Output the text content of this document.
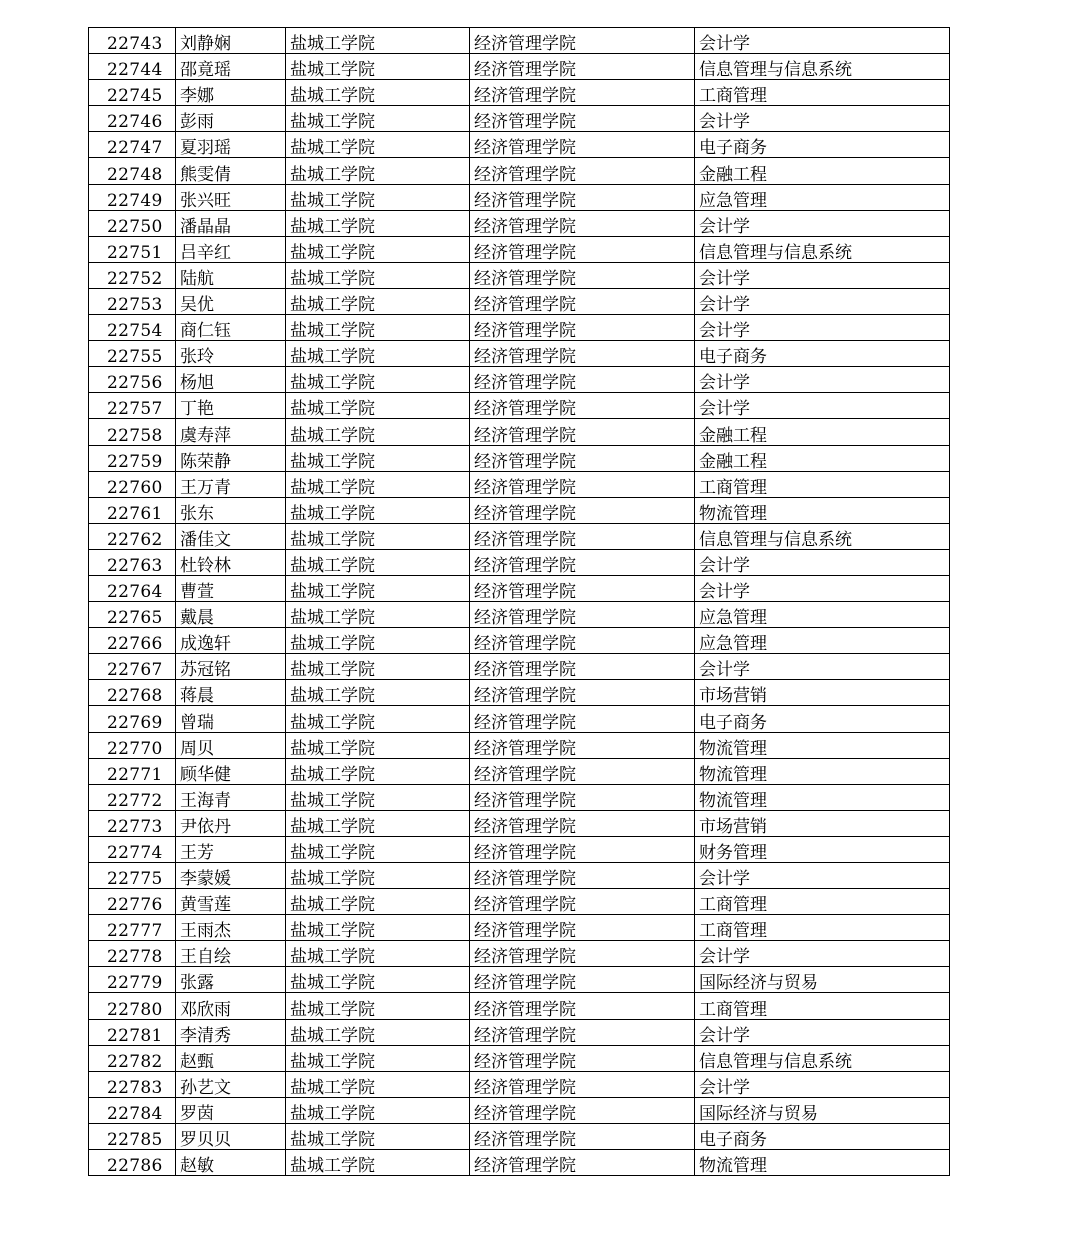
22743	刘静娴	盐城工学院	经济管理学院	会计学
22744	邵竟瑶	盐城工学院	经济管理学院	信息管理与信息系统
22745	李娜	盐城工学院	经济管理学院	工商管理
22746	彭雨	盐城工学院	经济管理学院	会计学
22747	夏羽瑶	盐城工学院	经济管理学院	电子商务
22748	熊雯倩	盐城工学院	经济管理学院	金融工程
22749	张兴旺	盐城工学院	经济管理学院	应急管理
22750	潘晶晶	盐城工学院	经济管理学院	会计学
22751	吕辛红	盐城工学院	经济管理学院	信息管理与信息系统
22752	陆航	盐城工学院	经济管理学院	会计学
22753	吴优	盐城工学院	经济管理学院	会计学
22754	商仁钰	盐城工学院	经济管理学院	会计学
22755	张玲	盐城工学院	经济管理学院	电子商务
22756	杨旭	盐城工学院	经济管理学院	会计学
22757	丁艳	盐城工学院	经济管理学院	会计学
22758	虞寿萍	盐城工学院	经济管理学院	金融工程
22759	陈荣静	盐城工学院	经济管理学院	金融工程
22760	王万青	盐城工学院	经济管理学院	工商管理
22761	张东	盐城工学院	经济管理学院	物流管理
22762	潘佳文	盐城工学院	经济管理学院	信息管理与信息系统
22763	杜铃林	盐城工学院	经济管理学院	会计学
22764	曹萱	盐城工学院	经济管理学院	会计学
22765	戴晨	盐城工学院	经济管理学院	应急管理
22766	成逸轩	盐城工学院	经济管理学院	应急管理
22767	苏冠铭	盐城工学院	经济管理学院	会计学
22768	蒋晨	盐城工学院	经济管理学院	市场营销
22769	曾瑞	盐城工学院	经济管理学院	电子商务
22770	周贝	盐城工学院	经济管理学院	物流管理
22771	顾华健	盐城工学院	经济管理学院	物流管理
22772	王海青	盐城工学院	经济管理学院	物流管理
22773	尹依丹	盐城工学院	经济管理学院	市场营销
22774	王芳	盐城工学院	经济管理学院	财务管理
22775	李蒙媛	盐城工学院	经济管理学院	会计学
22776	黄雪莲	盐城工学院	经济管理学院	工商管理
22777	王雨杰	盐城工学院	经济管理学院	工商管理
22778	王自绘	盐城工学院	经济管理学院	会计学
22779	张露	盐城工学院	经济管理学院	国际经济与贸易
22780	邓欣雨	盐城工学院	经济管理学院	工商管理
22781	李清秀	盐城工学院	经济管理学院	会计学
22782	赵甄	盐城工学院	经济管理学院	信息管理与信息系统
22783	孙艺文	盐城工学院	经济管理学院	会计学
22784	罗茵	盐城工学院	经济管理学院	国际经济与贸易
22785	罗贝贝	盐城工学院	经济管理学院	电子商务
22786	赵敏	盐城工学院	经济管理学院	物流管理
